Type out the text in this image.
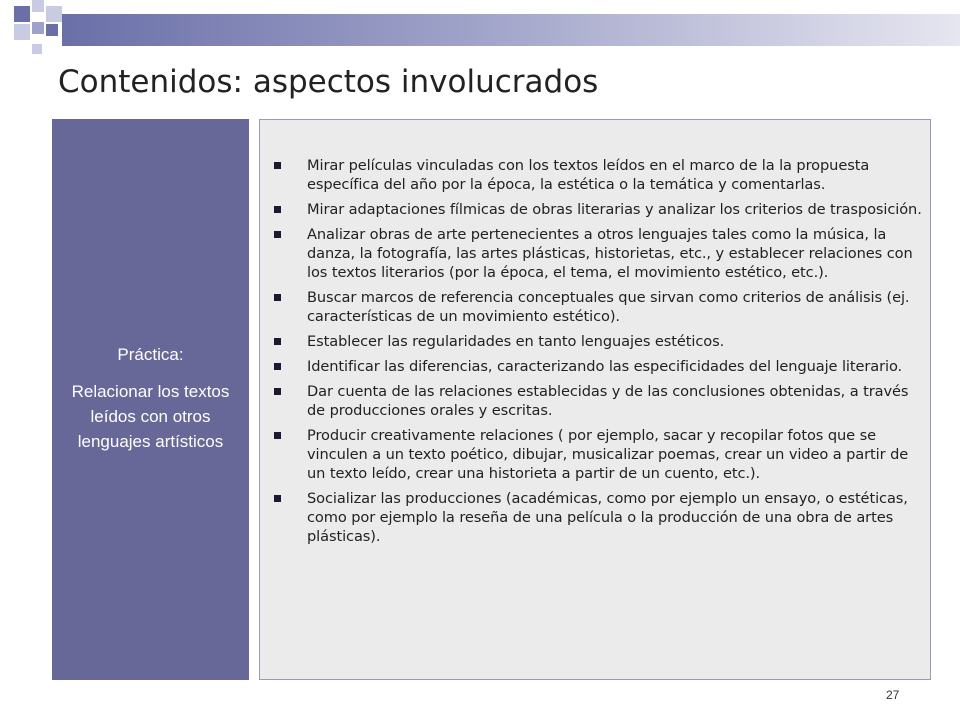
Contenidos: aspectos involucrados
Práctica:
Relacionar los textos leídos con otros lenguajes artísticos
Mirar películas vinculadas con los textos leídos en el marco de la la propuesta específica del año por la época, la estética o la temática y comentarlas.
Mirar adaptaciones fílmicas de obras literarias y analizar los criterios de trasposición.
Analizar obras de arte pertenecientes a otros lenguajes tales como la música, la danza, la fotografía, las artes plásticas, historietas, etc., y establecer relaciones con los textos literarios (por la época, el tema, el movimiento estético, etc.).
Buscar marcos de referencia conceptuales que sirvan como criterios de análisis (ej. características de un movimiento estético).
Establecer las regularidades en tanto lenguajes estéticos.
Identificar las diferencias, caracterizando las especificidades del lenguaje literario.
Dar cuenta de las relaciones establecidas y de las conclusiones obtenidas, a través de producciones orales y escritas.
Producir creativamente relaciones ( por ejemplo, sacar y recopilar fotos que se vinculen a un texto poético, dibujar, musicalizar poemas, crear un video a partir de un texto leído, crear una historieta a partir de un cuento, etc.).
Socializar las producciones (académicas, como por ejemplo un ensayo, o estéticas, como por ejemplo la reseña de una película o la producción de una obra de artes plásticas).
27
